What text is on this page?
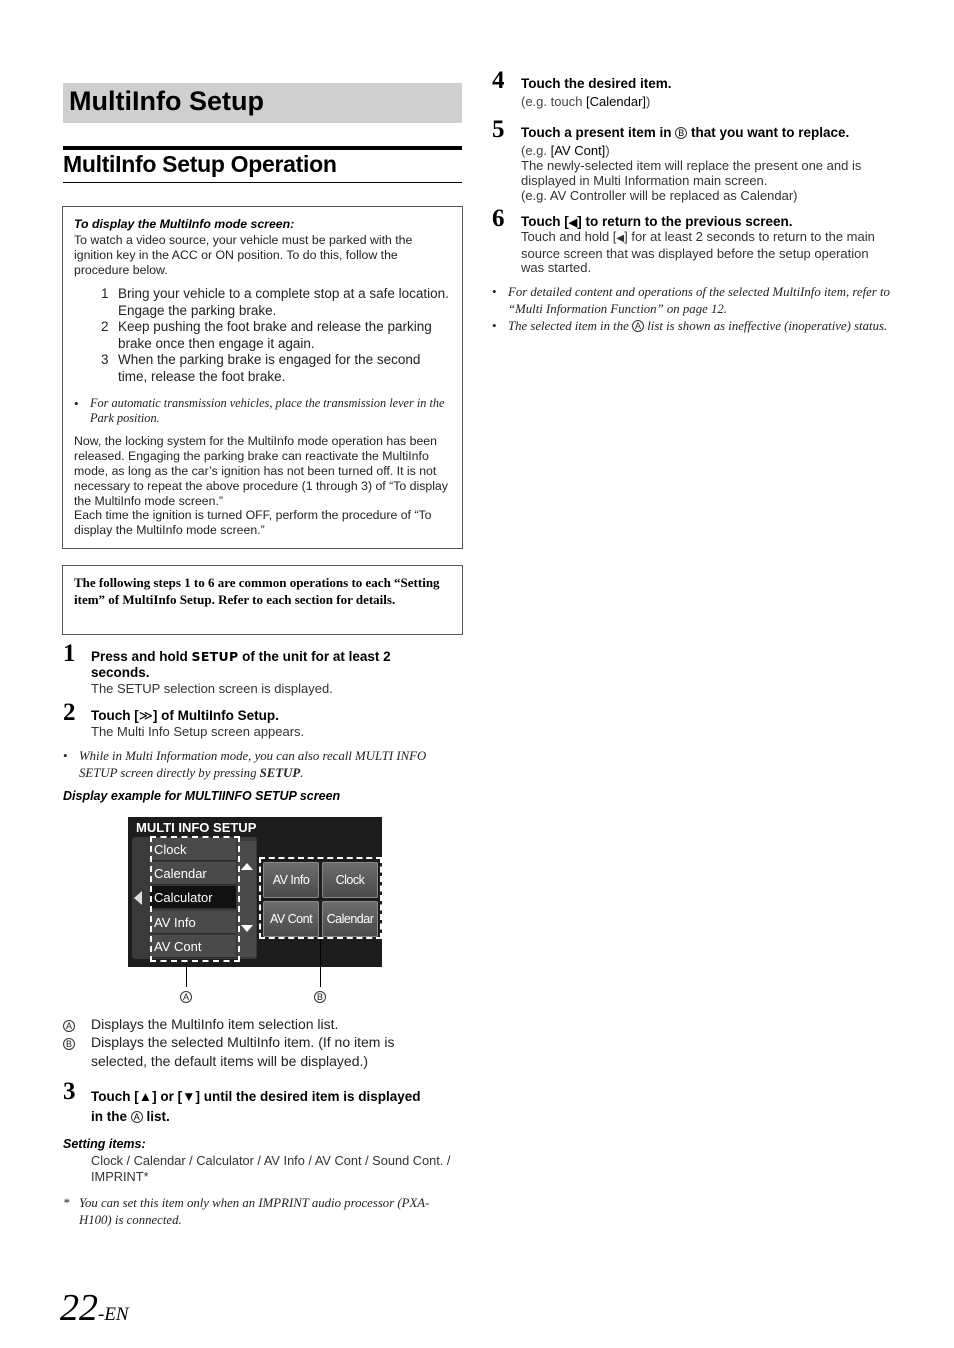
MultiInfo Setup
MultiInfo Setup Operation
To display the MultiInfo mode screen:
To watch a video source, your vehicle must be parked with the ignition key in the ACC or ON position. To do this, follow the procedure below.
1 Bring your vehicle to a complete stop at a safe location. Engage the parking brake.
2 Keep pushing the foot brake and release the parking brake once then engage it again.
3 When the parking brake is engaged for the second time, release the foot brake.
• For automatic transmission vehicles, place the transmission lever in the Park position.
Now, the locking system for the MultiInfo mode operation has been released. Engaging the parking brake can reactivate the MultiInfo mode, as long as the car’s ignition has not been turned off. It is not necessary to repeat the above procedure (1 through 3) of “To display the MultiInfo mode screen.”
Each time the ignition is turned OFF, perform the procedure of “To display the MultiInfo mode screen.”
The following steps 1 to 6 are common operations to each “Setting item” of MultiInfo Setup. Refer to each section for details.
1 Press and hold SETUP of the unit for at least 2 seconds.
The SETUP selection screen is displayed.
2 Touch [≫] of MultiInfo Setup.
The Multi Info Setup screen appears.
• While in Multi Information mode, you can also recall MULTI INFO SETUP screen directly by pressing SETUP.
Display example for MULTIINFO SETUP screen
MULTI INFO SETUP
Clock
Calendar
Calculator
AV Info
AV Cont
AV Info	Clock
AV Cont	Calendar
A	B
A Displays the MultiInfo item selection list.
B Displays the selected MultiInfo item. (If no item is
selected, the default items will be displayed.)
3 Touch [▲] or [▼] until the desired item is displayed
in the A list.
Setting items:
Clock / Calendar / Calculator / AV Info / AV Cont / Sound Cont. / IMPRINT*
* You can set this item only when an IMPRINT audio processor (PXA-H100) is connected.
22-EN
4 Touch the desired item.
(e.g. touch [Calendar])
5 Touch a present item in B that you want to replace.
(e.g. [AV Cont])
The newly-selected item will replace the present one and is displayed in Multi Information main screen.
(e.g. AV Controller will be replaced as Calendar)
6 Touch [◀] to return to the previous screen.
Touch and hold [◀] for at least 2 seconds to return to the main source screen that was displayed before the setup operation was started.
• For detailed content and operations of the selected MultiInfo item, refer to “Multi Information Function” on page 12.
• The selected item in the A list is shown as ineffective (inoperative) status.
